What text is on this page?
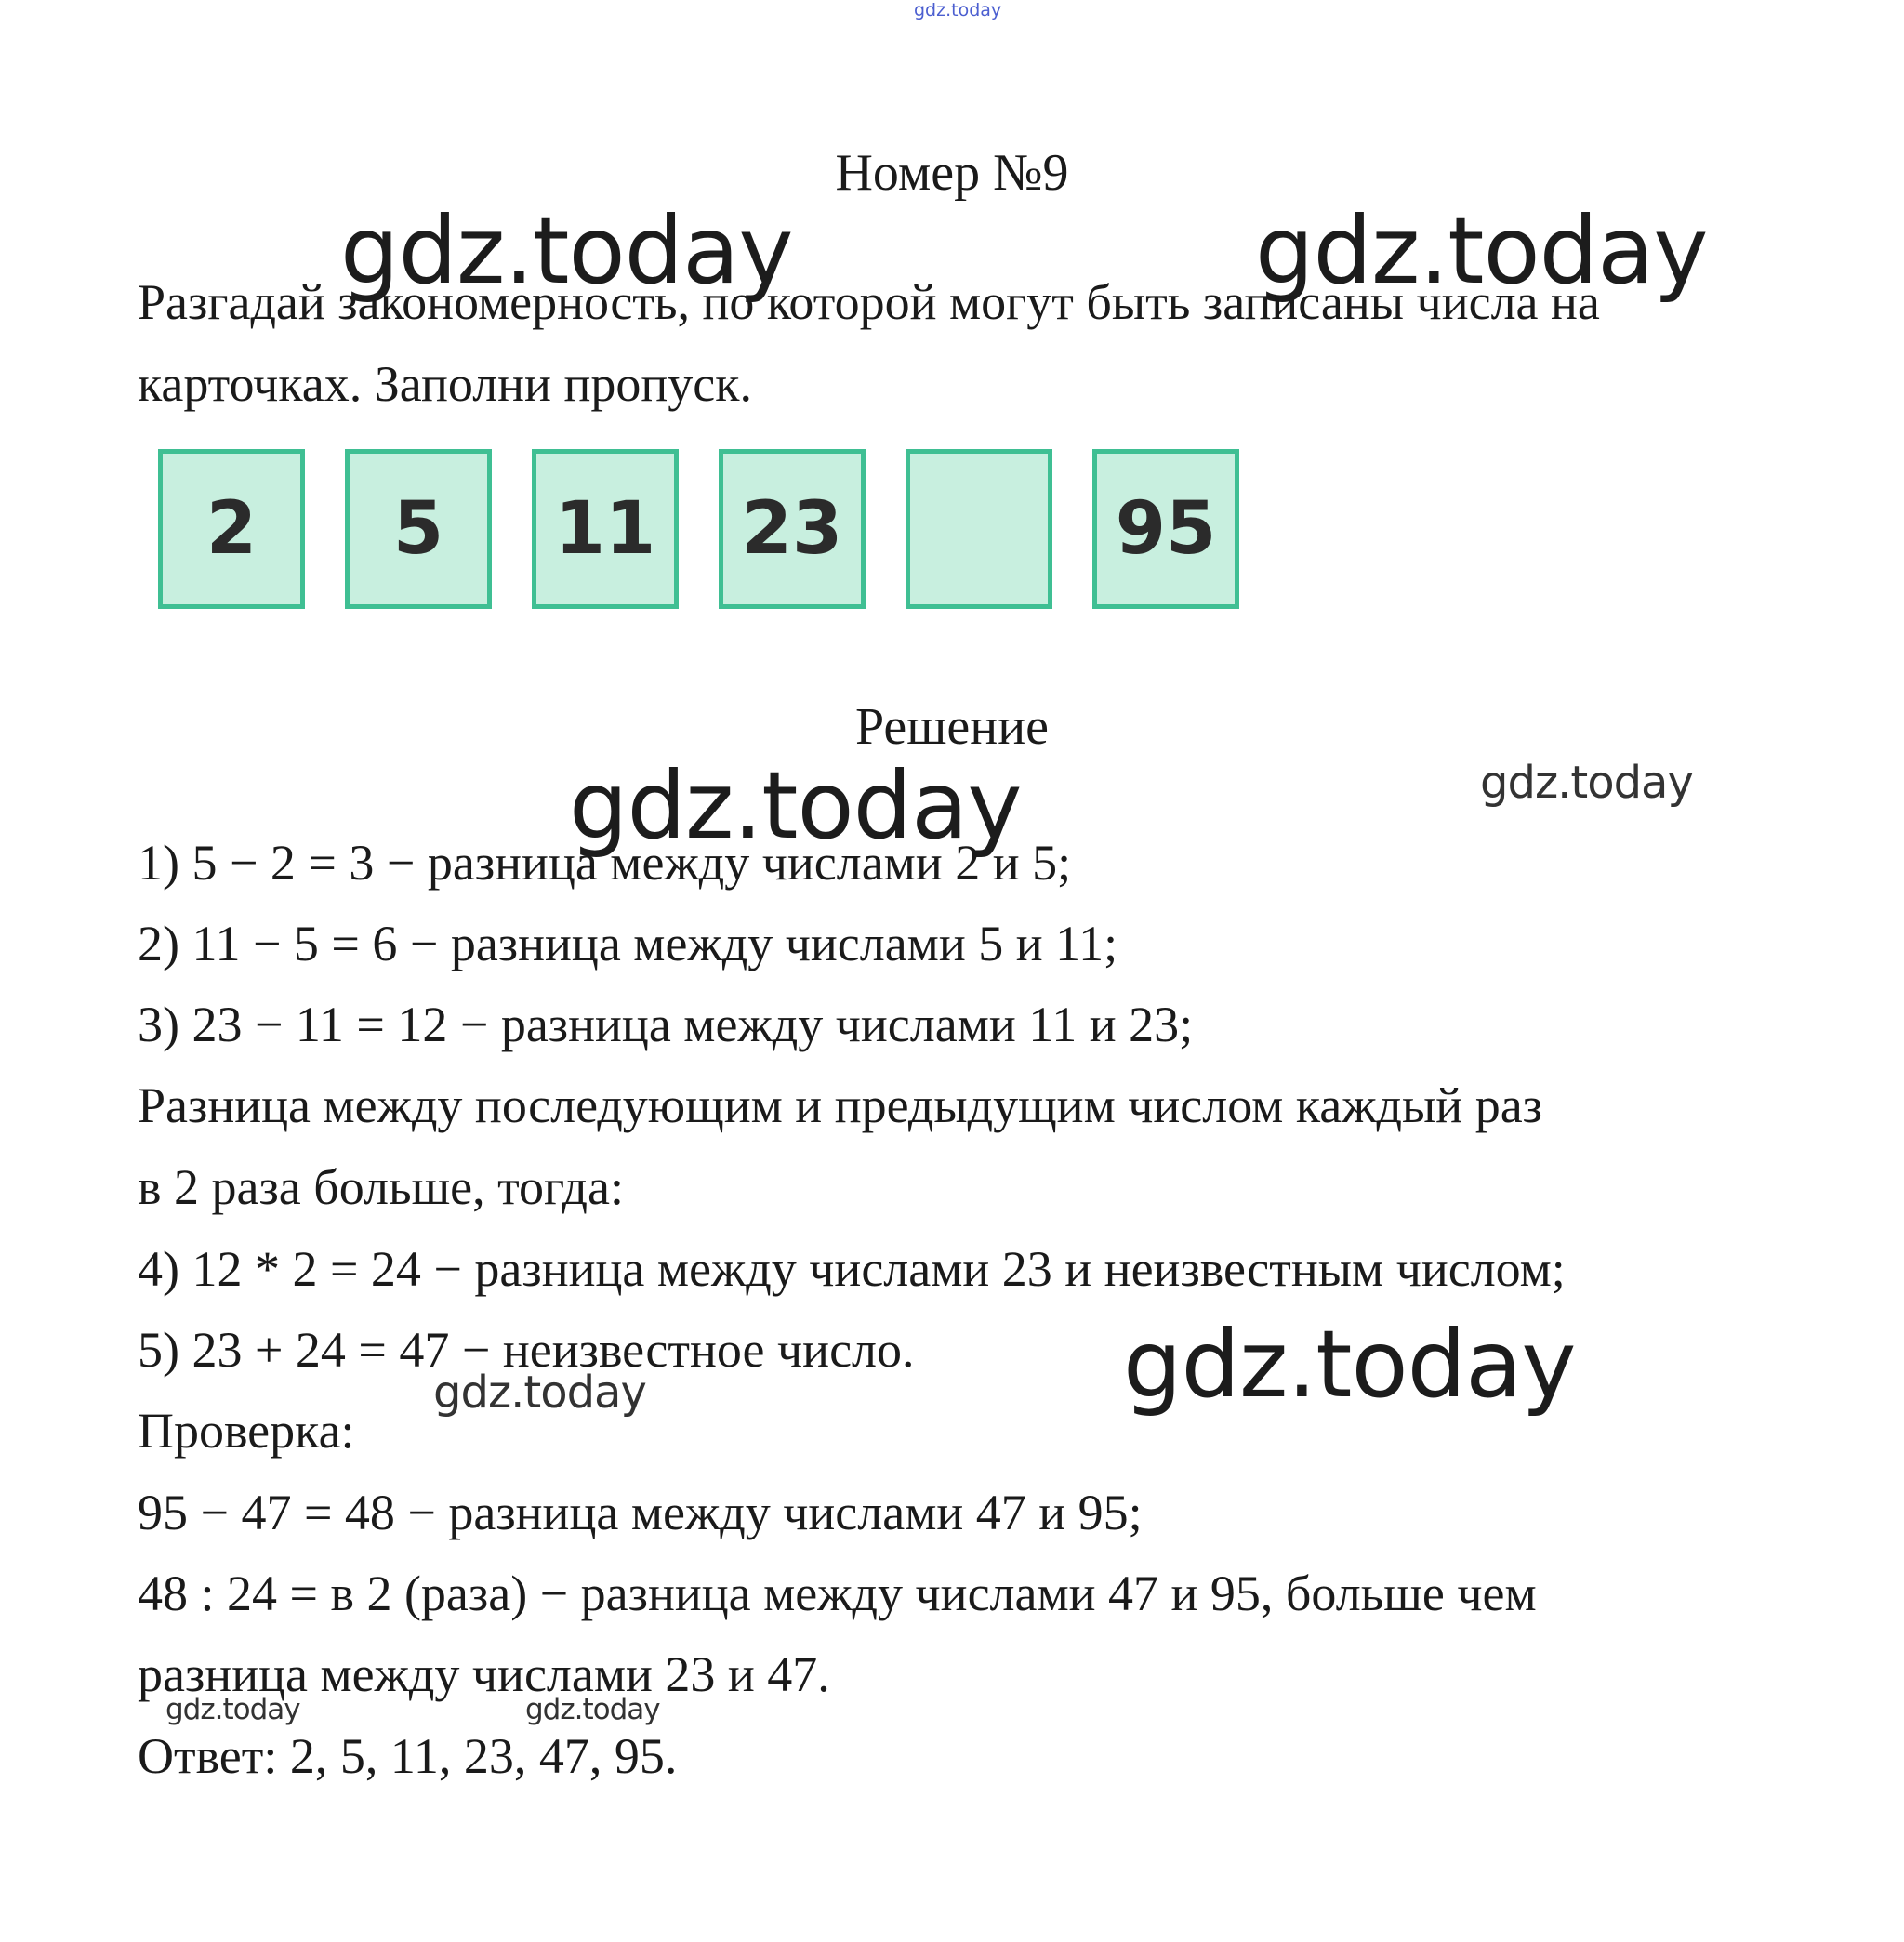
gdz.today
Номер №9
gdz.today	gdz.today
Разгадай закономерность, по которой могут быть записаны числа на
карточках. Заполни пропуск.
2	5	11	23	95
Решение
gdz.today	gdz.today
1) 5 − 2 = 3 − разница между числами 2 и 5;
2) 11 − 5 = 6 − разница между числами 5 и 11;
3) 23 − 11 = 12 − разница между числами 11 и 23;
Разница между последующим и предыдущим числом каждый раз
в 2 раза больше, тогда:
4) 12 * 2 = 24 − разница между числами 23 и неизвестным числом;
5) 23 + 24 = 47 − неизвестное число. gdz.today
gdz.today
Проверка:
95 − 47 = 48 − разница между числами 47 и 95;
48 : 24 = в 2 (раза) − разница между числами 47 и 95, больше чем
разница между числами 23 и 47.
gdz.today	gdz.today
Ответ: 2, 5, 11, 23, 47, 95.
